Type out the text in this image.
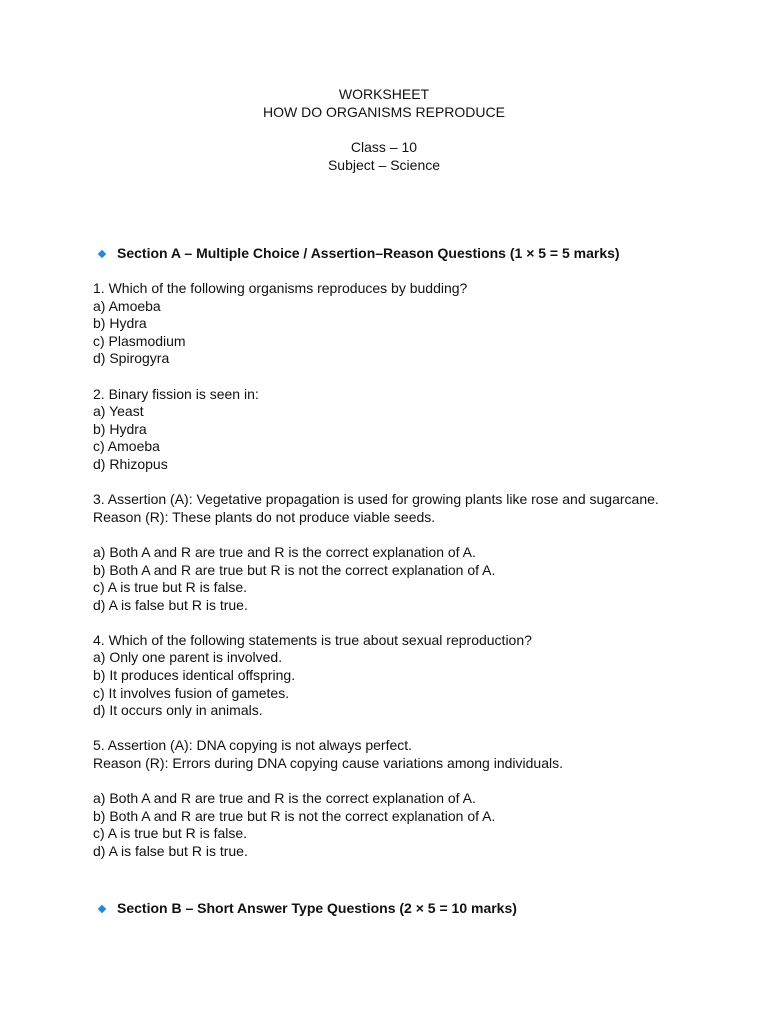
WORKSHEET
HOW DO ORGANISMS REPRODUCE
Class – 10
Subject – Science
Section A – Multiple Choice / Assertion–Reason Questions (1 × 5 = 5 marks)
1. Which of the following organisms reproduces by budding?
a) Amoeba
b) Hydra
c) Plasmodium
d) Spirogyra
2. Binary fission is seen in:
a) Yeast
b) Hydra
c) Amoeba
d) Rhizopus
3. Assertion (A): Vegetative propagation is used for growing plants like rose and sugarcane.
Reason (R): These plants do not produce viable seeds.
a) Both A and R are true and R is the correct explanation of A.
b) Both A and R are true but R is not the correct explanation of A.
c) A is true but R is false.
d) A is false but R is true.
4. Which of the following statements is true about sexual reproduction?
a) Only one parent is involved.
b) It produces identical offspring.
c) It involves fusion of gametes.
d) It occurs only in animals.
5. Assertion (A): DNA copying is not always perfect.
Reason (R): Errors during DNA copying cause variations among individuals.
a) Both A and R are true and R is the correct explanation of A.
b) Both A and R are true but R is not the correct explanation of A.
c) A is true but R is false.
d) A is false but R is true.
Section B – Short Answer Type Questions (2 × 5 = 10 marks)
